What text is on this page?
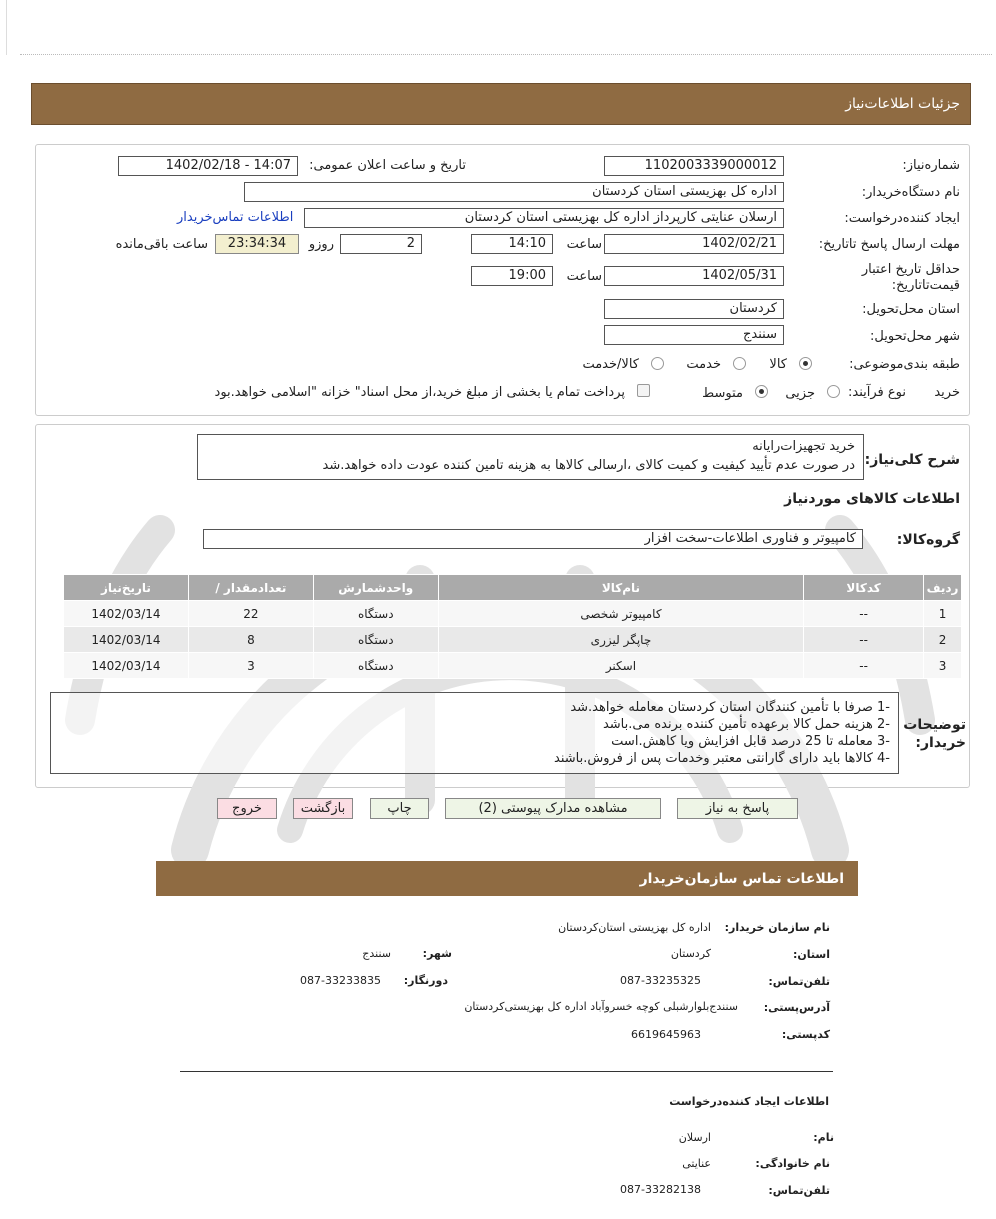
جزئیات اطلاعات‌نیاز
شماره‌نیاز:
1102003339000012
تاریخ و ساعت اعلان عمومی:
1402/02/18 - 14:07
نام دستگاه‌خریدار:
اداره کل بهزیستی استان کردستان
ایجاد کننده‌درخواست:
ارسلان عنایتی کارپرداز اداره کل بهزیستی استان کردستان
اطلاعات تماس‌خریدار
مهلت ارسال پاسخ تا‌تاریخ:
1402/02/21
ساعت
14:10
2
روزو
23:34:34
ساعت باقی‌مانده
حداقل تاریخ اعتبار قیمت‌تا‌تاریخ:
1402/05/31
ساعت
19:00
استان محل‌تحویل:
کردستان
شهر محل‌تحویل:
سنندج
طبقه بندی‌موضوعی:
کالا
خدمت
کالا/خدمت
نوع فرآیند: خرید
جزیی
متوسط
پرداخت تمام یا بخشی از مبلغ خرید،از محل اسناد" خزانه "اسلامی خواهد.بود
شرح کلی‌نیاز:
خرید تجهیزات‌رایانه
در صورت عدم تأیید کیفیت و کمیت کالای ،ارسالی کالاها به هزینه تامین کننده عودت داده خواهد.شد
اطلاعات کالاهای موردنیاز
گروه‌کالا:
کامپیوتر و فناوری اطلاعات-سخت افزار
ردیف	کدکالا	نام‌کالا	واحدشمارش	تعداد‌مقدار /	تاریخ‌نیاز
1	--	کامپیوتر شخصی	دستگاه	22	1402/03/14
2	--	چاپگر لیزری	دستگاه	8	1402/03/14
3	--	اسکنر	دستگاه	3	1402/03/14
توضیحات خریدار:
-1 صرفا با تأمین کنندگان استان کردستان معامله خواهد.شد
-2 هزینه حمل کالا برعهده تأمین کننده برنده می.باشد
-3 معامله تا 25 درصد قابل افزایش ویا کاهش.است
-4 کالاها باید دارای گارانتی معتبر وخدمات پس از فروش.باشند
پاسخ به نیاز
مشاهده مدارک پیوستی (2)
چاپ
بازگشت
خروج
اطلاعات تماس سازمان‌خریدار
نام سازمان‌ خریدار:
اداره کل بهزیستی استان‌کردستان
استان:
کردستان
شهر:
سنندج
تلفن‌تماس:
087-33235325
دورنگار:
087-33233835
آدرس‌پستی:
سنندج‌بلوارشبلی کوچه خسروآباد اداره کل بهزیستی‌کردستان
کد‌پستی:
6619645963
اطلاعات ایجاد کننده‌درخواست
نام:
ارسلان
نام خانوادگی:
عنایتی
تلفن‌تماس:
087-33282138
